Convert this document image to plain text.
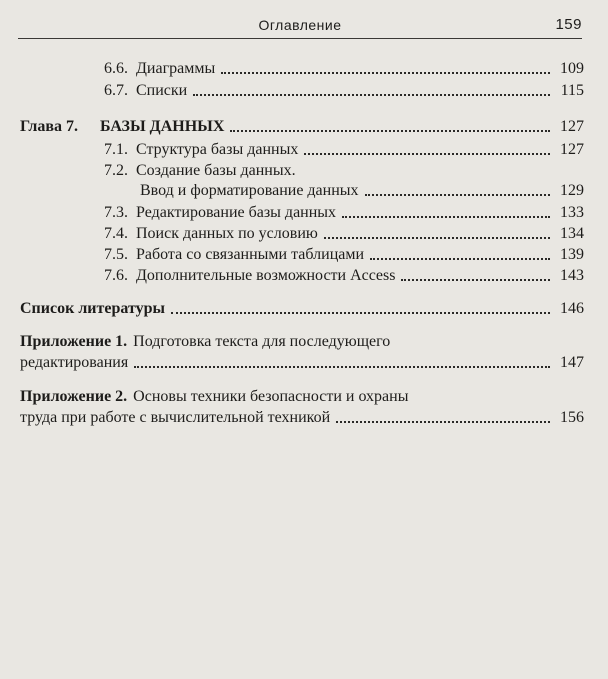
Оглавление	159
6.6. Диаграммы	109
6.7. Списки	115
Глава 7. БАЗЫ ДАННЫХ	127
7.1. Структура базы данных	127
7.2. Создание базы данных.
Ввод и форматирование данных	129
7.3. Редактирование базы данных	133
7.4. Поиск данных по условию	134
7.5. Работа со связанными таблицами	139
7.6. Дополнительные возможности Access	143
Список литературы	146
Приложение 1. Подготовка текста для последующего
редактирования	147
Приложение 2. Основы техники безопасности и охраны
труда при работе с вычислительной техникой	156
